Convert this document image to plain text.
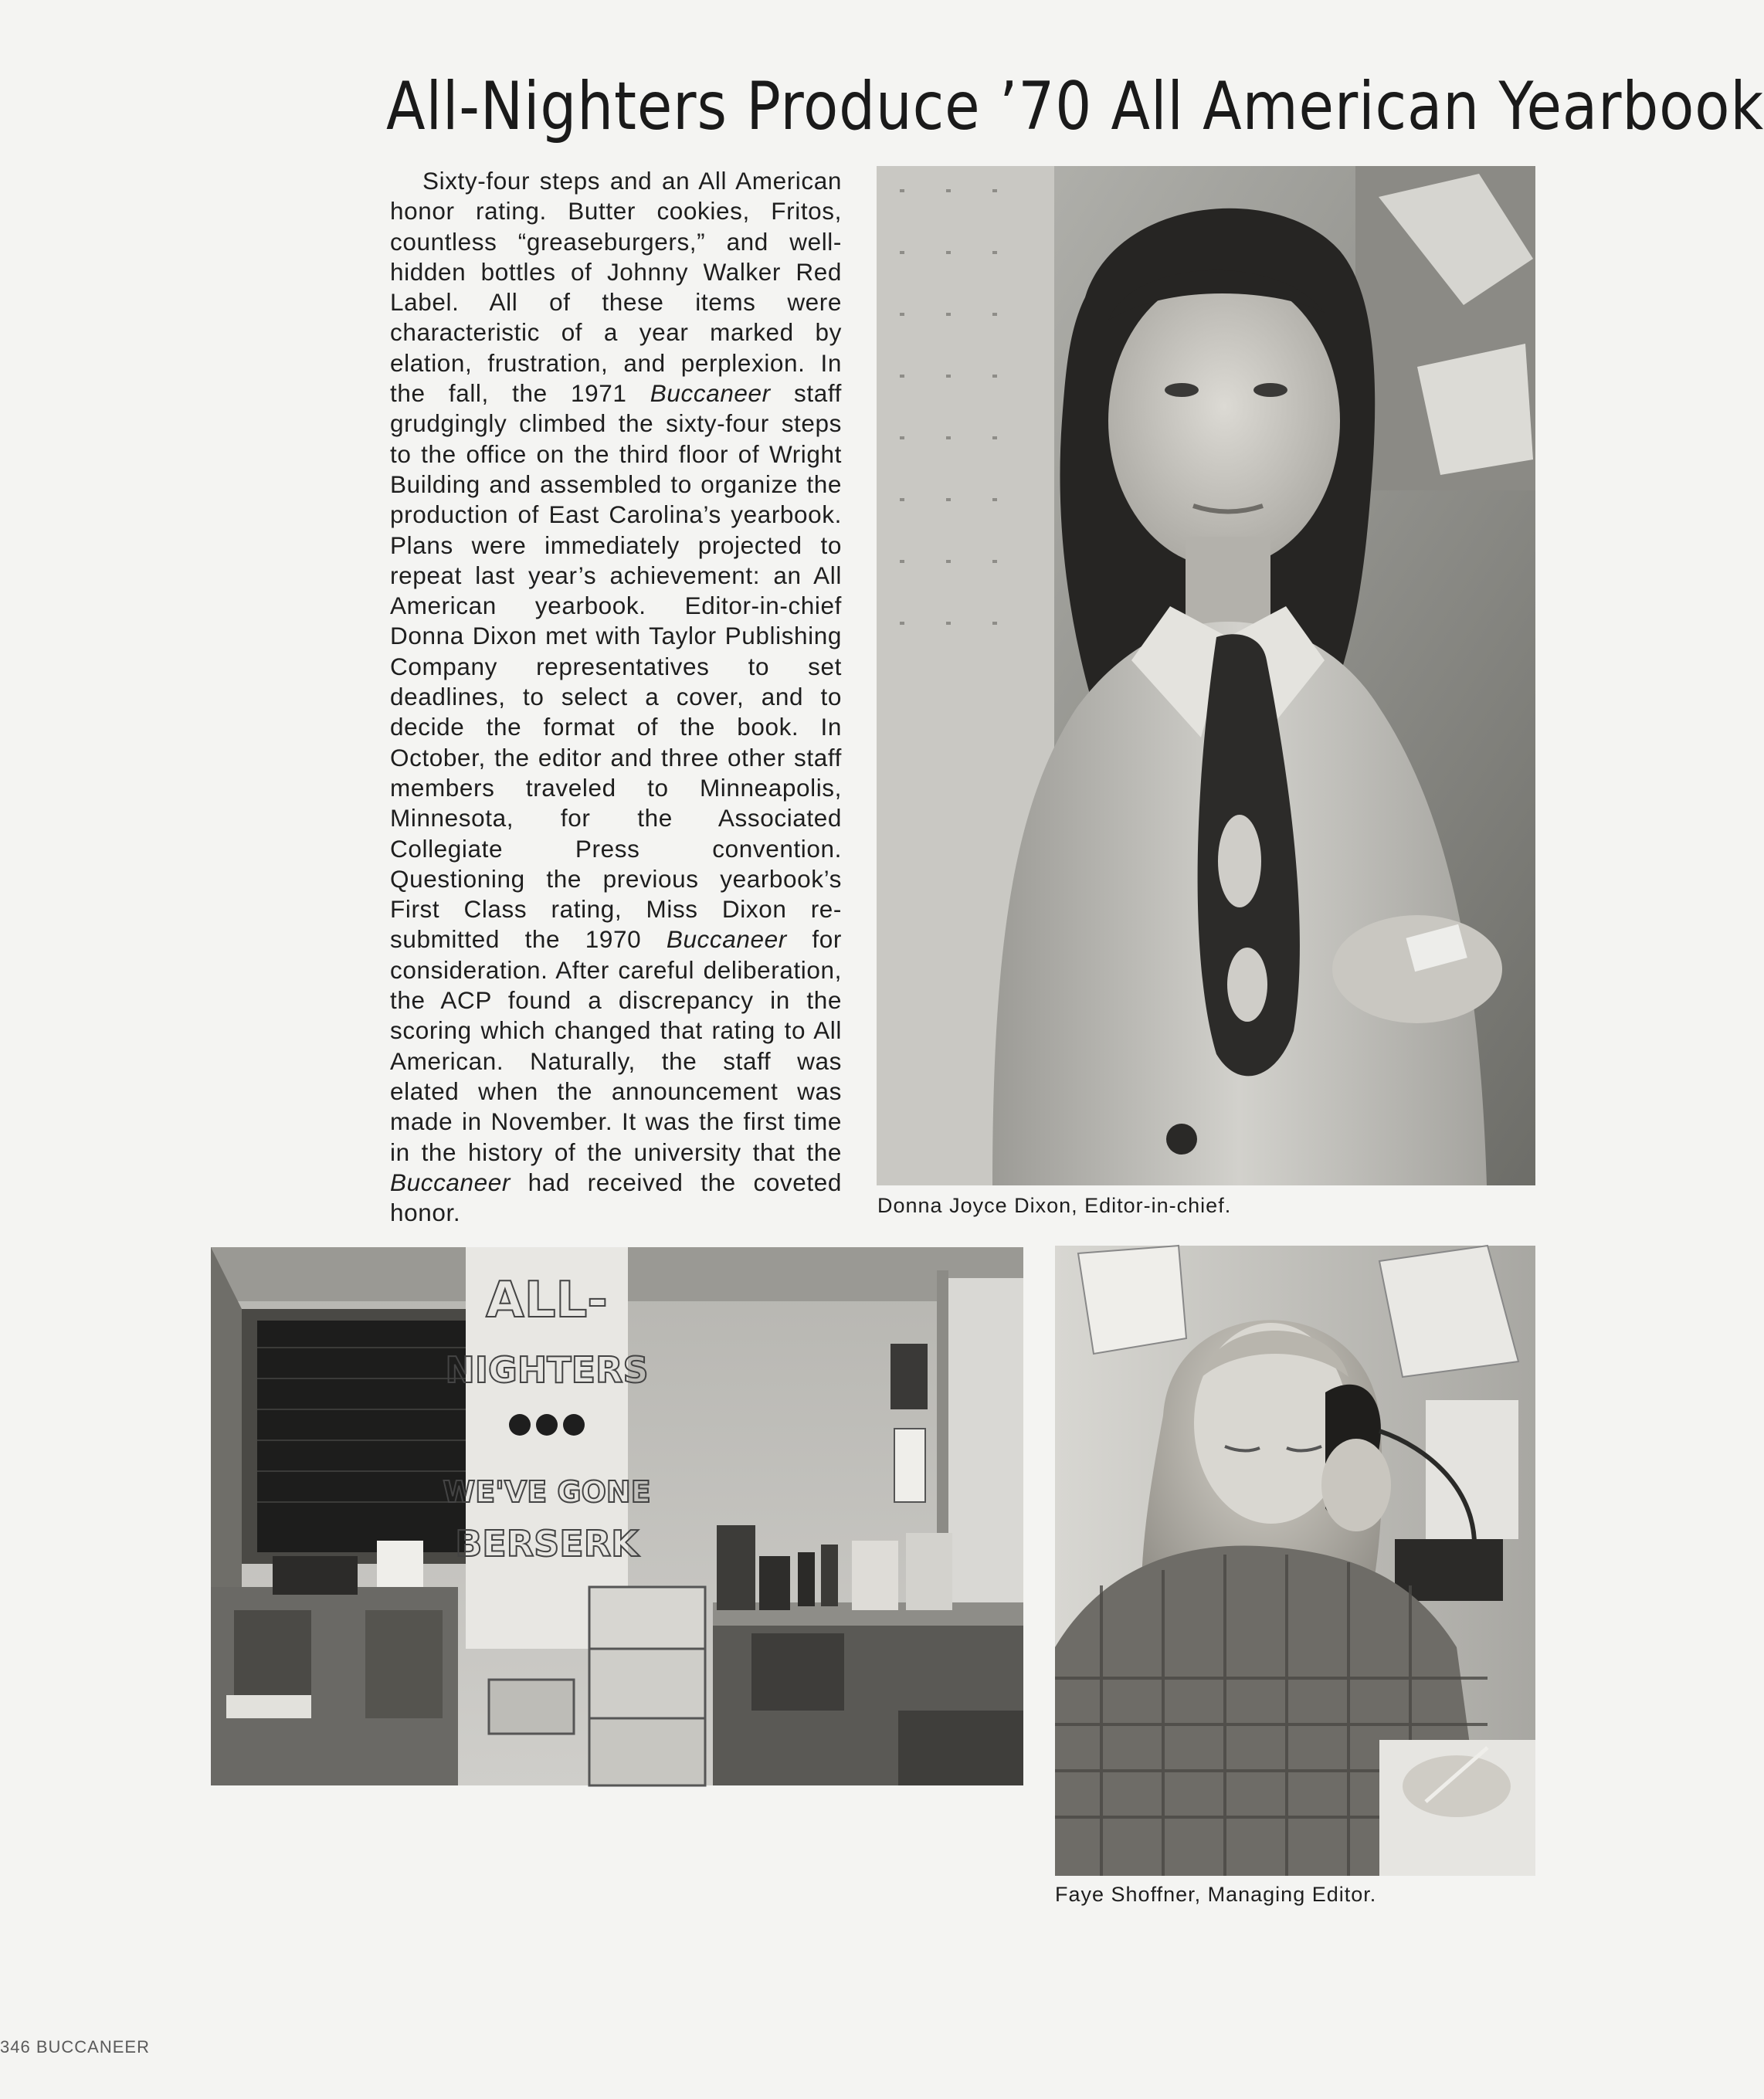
All-Nighters Produce ’70 All American Yearbook

Sixty-four steps and an All American honor rating. Butter cookies, Fritos, countless “greaseburgers,” and well-hidden bottles of Johnny Walker Red Label. All of these items were characteristic of a year marked by elation, frustration, and perplexion. In the fall, the 1971 Buccaneer staff grudgingly climbed the sixty-four steps to the office on the third floor of Wright Building and assembled to organize the production of East Carolina’s yearbook. Plans were immediately projected to repeat last year’s achievement: an All American yearbook. Editor-in-chief Donna Dixon met with Taylor Publishing Company representatives to set deadlines, to select a cover, and to decide the format of the book. In October, the editor and three other staff members traveled to Minneapolis, Minnesota, for the Associated Collegiate Press convention. Questioning the previous yearbook’s First Class rating, Miss Dixon re-submitted the 1970 Buccaneer for consideration. After careful deliberation, the ACP found a discrepancy in the scoring which changed that rating to All American. Naturally, the staff was elated when the announcement was made in November. It was the first time in the history of the university that the Buccaneer had received the coveted honor.	Donna Joyce Dixon, Editor-in-chief.

ALL-
NIGHTERS
WE'VE GONE
BERSERK

Faye Shoffner, Managing Editor.

346 BUCCANEER
